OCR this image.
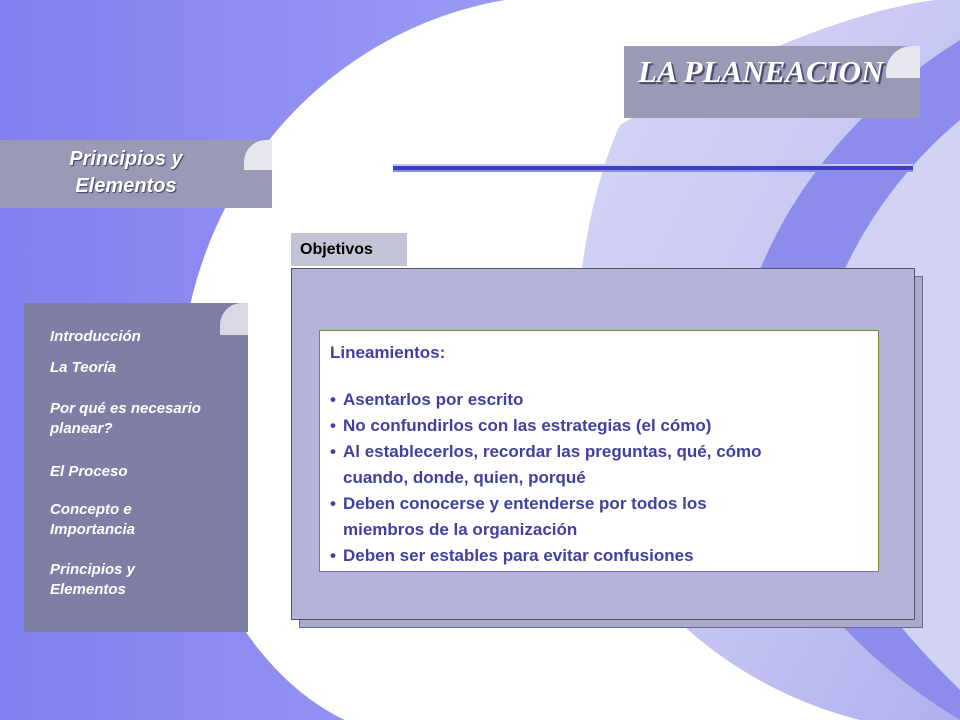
LA PLANEACION
Principios y
Elementos
Introducción
La Teoría
Por qué es necesario
planear?
El Proceso
Concepto e
Importancia
Principios y
Elementos
Objetivos
Lineamientos:
• Asentarlos por escrito
• No confundirlos con las estrategias (el cómo)
• Al establecerlos, recordar las preguntas, qué, cómo
cuando, donde, quien, porqué
• Deben conocerse y entenderse por todos los
miembros de la organización
• Deben ser estables para evitar confusiones
